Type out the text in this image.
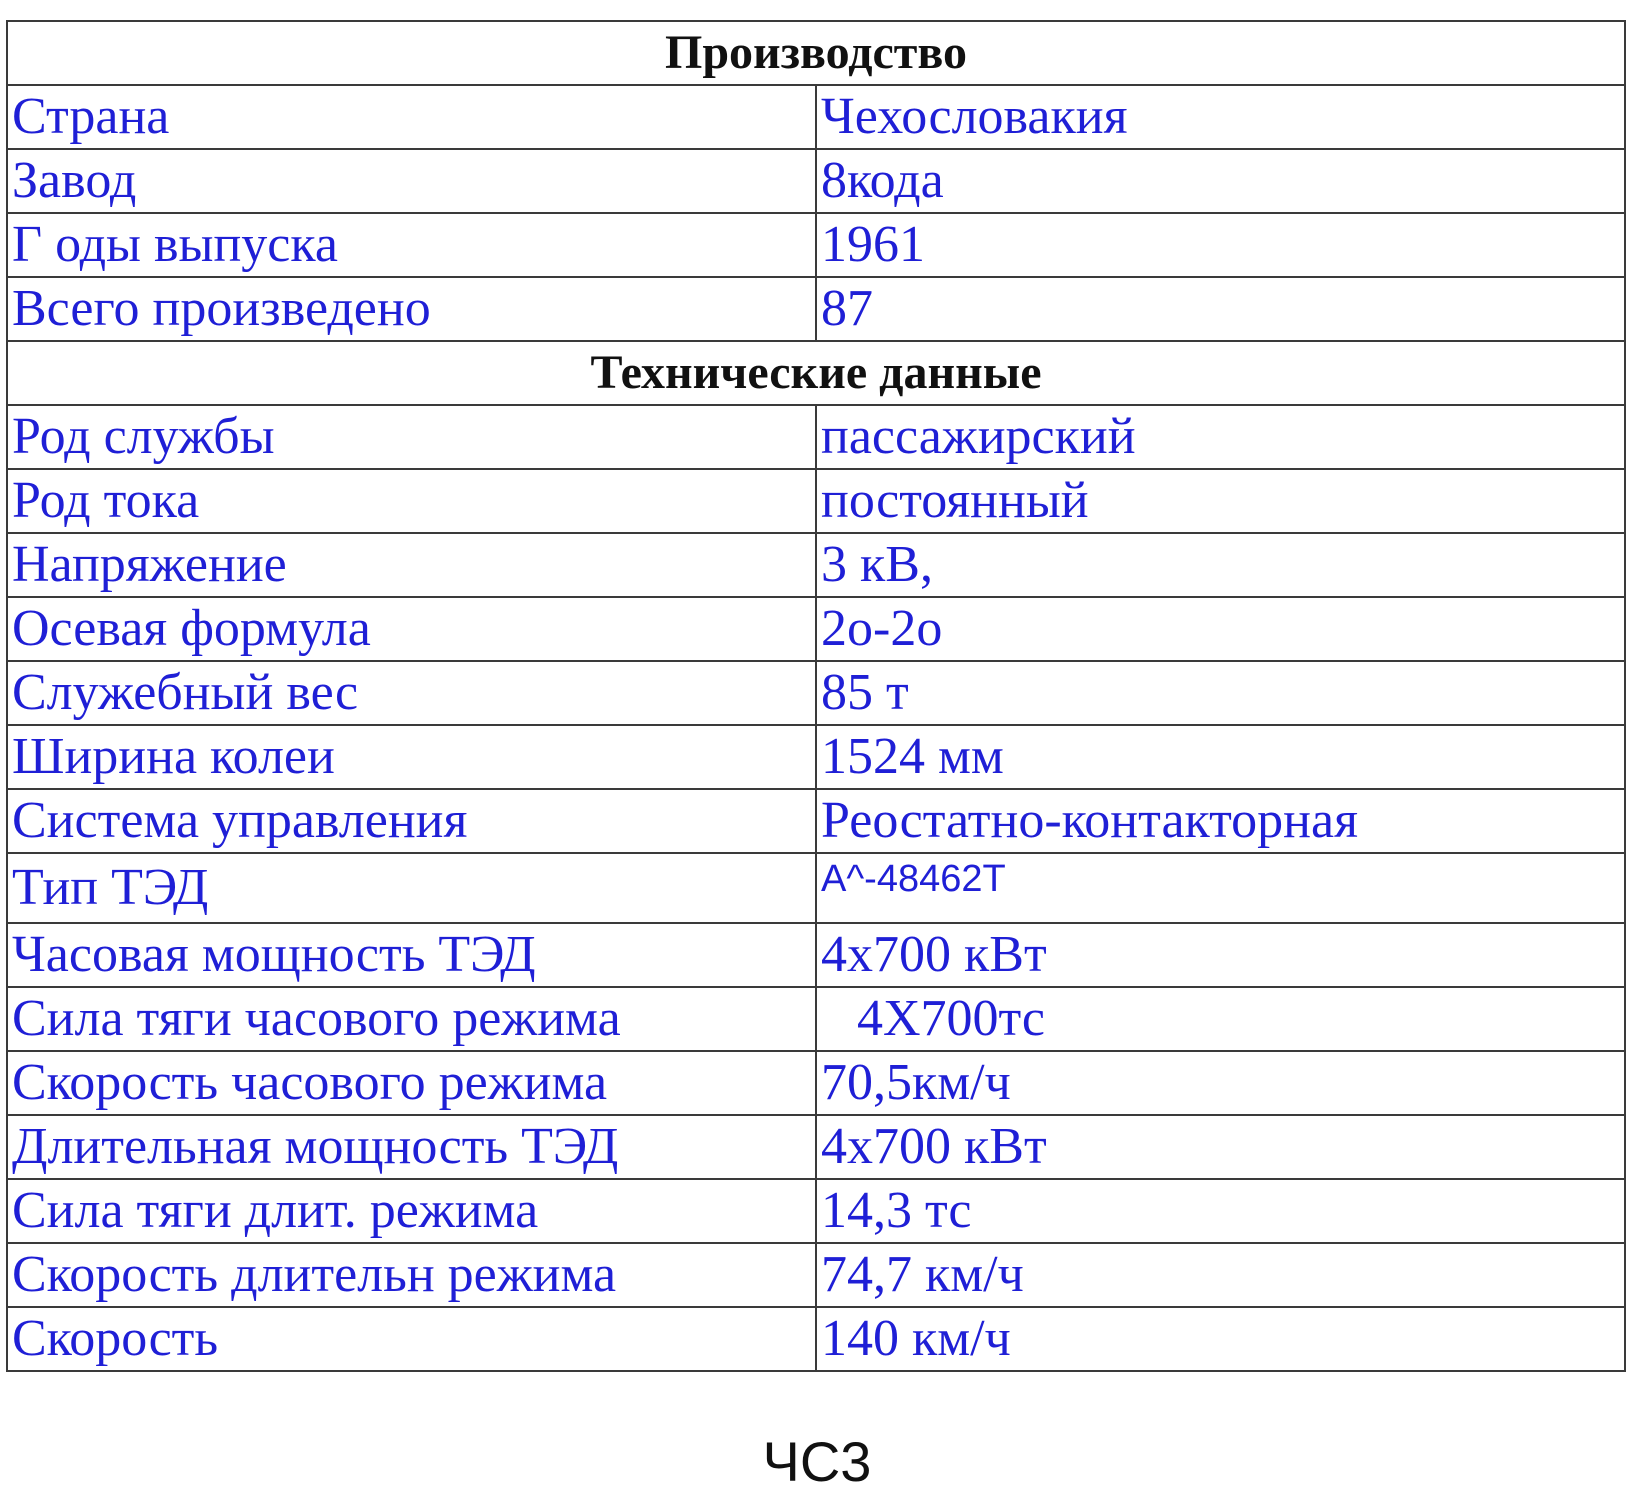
Производство	
Страна	Чехословакия
Завод	8кода
Г оды выпуска	1961
Всего произведено	87
Технические данные	
Род службы	пассажирский
Род тока	постоянный
Напряжение	3 кВ,
Осевая формула	2о-2о
Служебный вес	85 т
Ширина колеи	1524 мм
Система управления	Реостатно-контакторная
Тип ТЭД	А^-48462Т
Часовая мощность ТЭД	4х700 кВт
Сила тяги часового режима	4Х700тс
Скорость часового режима	70,5км/ч
Длительная мощность ТЭД	4х700 кВт
Сила тяги длит. режима	14,3 тс
Скорость длительн режима	74,7 км/ч
Скорость	140 км/ч
ЧС3
